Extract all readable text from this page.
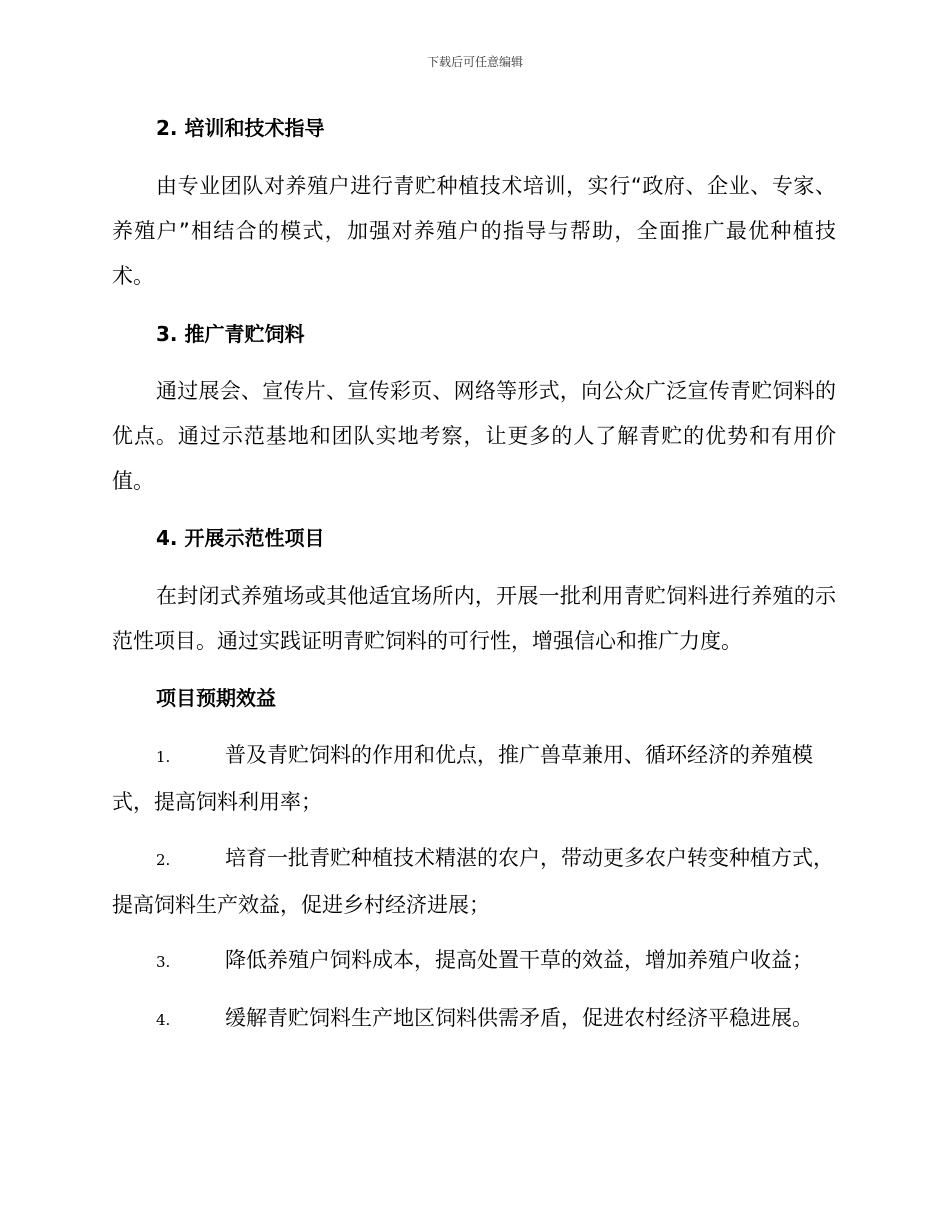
下载后可任意编辑
2. 培训和技术指导
由专业团队对养殖户进行青贮种植技术培训，实行“政府、企业、专家、养殖户”相结合的模式，加强对养殖户的指导与帮助，全面推广最优种植技术。
3. 推广青贮饲料
通过展会、宣传片、宣传彩页、网络等形式，向公众广泛宣传青贮饲料的优点。通过示范基地和团队实地考察，让更多的人了解青贮的优势和有用价值。
4. 开展示范性项目
在封闭式养殖场或其他适宜场所内，开展一批利用青贮饲料进行养殖的示范性项目。通过实践证明青贮饲料的可行性，增强信心和推广力度。
项目预期效益
1.	普及青贮饲料的作用和优点，推广兽草兼用、循环经济的养殖模式，提高饲料利用率；
2.	培育一批青贮种植技术精湛的农户，带动更多农户转变种植方式，提高饲料生产效益，促进乡村经济进展；
3.	降低养殖户饲料成本，提高处置干草的效益，增加养殖户收益；
4.	缓解青贮饲料生产地区饲料供需矛盾，促进农村经济平稳进展。
